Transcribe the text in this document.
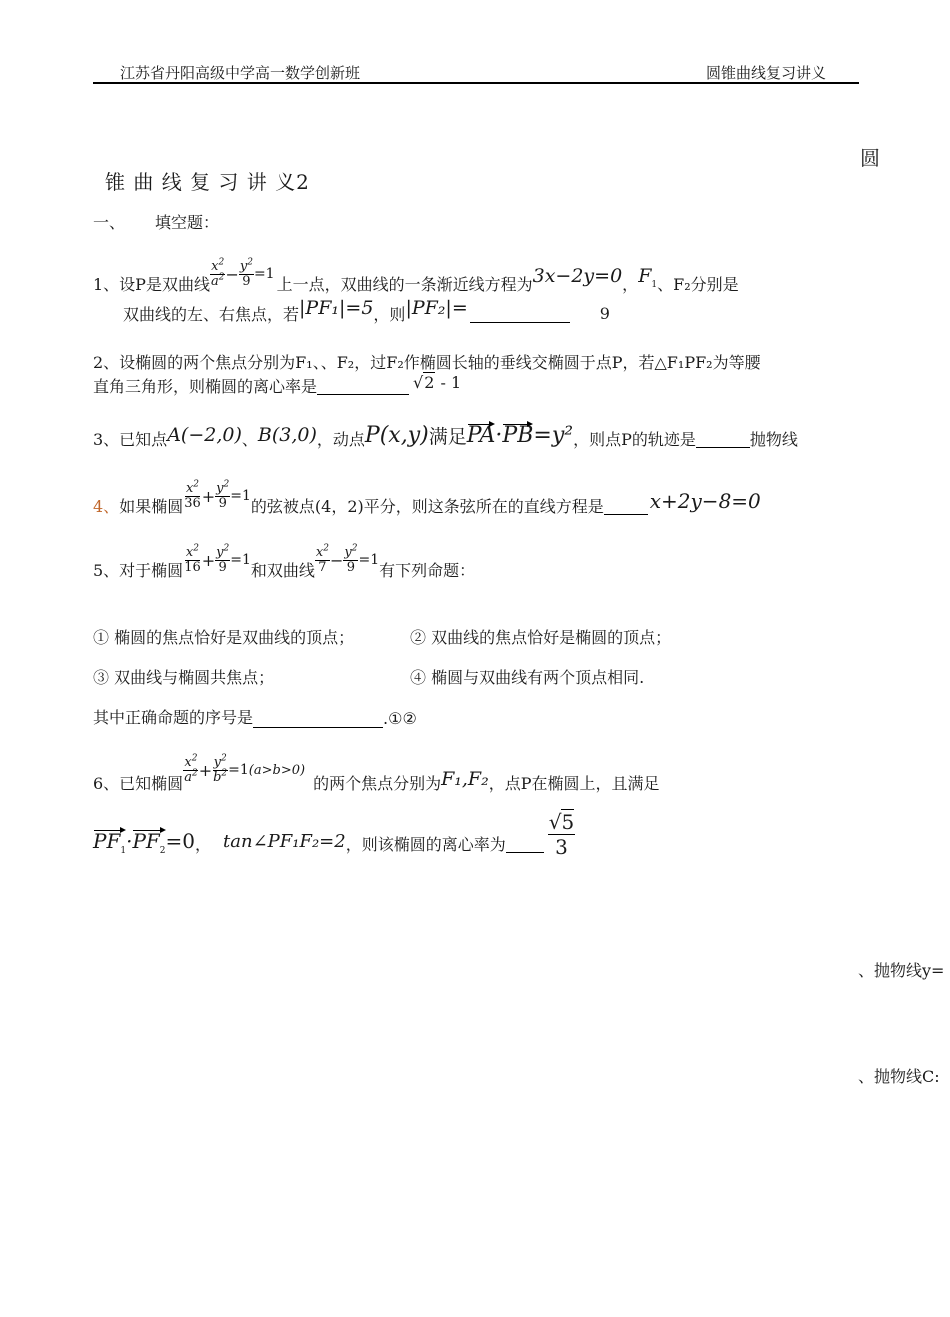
江苏省丹阳高级中学高一数学创新班	圆锥曲线复习讲义
圆
锥 曲 线 复 习 讲 义2
一、 填空题：
1、设P是双曲线 $\frac{x^2}{a^2} - \frac{y^2}{9} =1$
上一点，双曲线的一条渐近线方程为 3x−2y=0 ， $F_1$ 、F₂分别是
双曲线的左、右焦点，若 |PF₁|=5 ，则 |PF₂|=	9
2、设椭圆的两个焦点分别为F₁、、F₂，过F₂作椭圆长轴的垂线交椭圆于点P，若△F₁PF₂为等腰
直角三角形，则椭圆的离心率是	√2 - 1
3、已知点 A(−2,0) 、 B(3,0) ，动点 P(x,y) 满足 PA·PB=y² ，则点P的轨迹是	抛物线
4、 如果椭圆 $\frac{x^2}{36} + \frac{y^2}{9} =1$
的弦被点(4，2)平分，则这条弦所在的直线方程是 x+2y−8=0
5、对于椭圆 $\frac{x^2}{16} + \frac{y^2}{9} =1$
和双曲线 $\frac{x^2}{7} - \frac{y^2}{9} =1$
有下列命题：
① 椭圆的焦点恰好是双曲线的顶点；	② 双曲线的焦点恰好是椭圆的顶点；
③ 双曲线与椭圆共焦点；	④ 椭圆与双曲线有两个顶点相同.
其中正确命题的序号是	.①②
6、已知椭圆 $\frac{x^2}{a^2} + \frac{y^2}{b^2} =1$ (a>b>0)
的两个焦点分别为 F₁,F₂ ，点P在椭圆上，且满足
$PF_1\cdot PF_2=0$ ， tan∠PF₁F₂=2 ，则该椭圆的离心率为 $\frac{√5}{3}$
、抛物线y=
、抛物线C:
